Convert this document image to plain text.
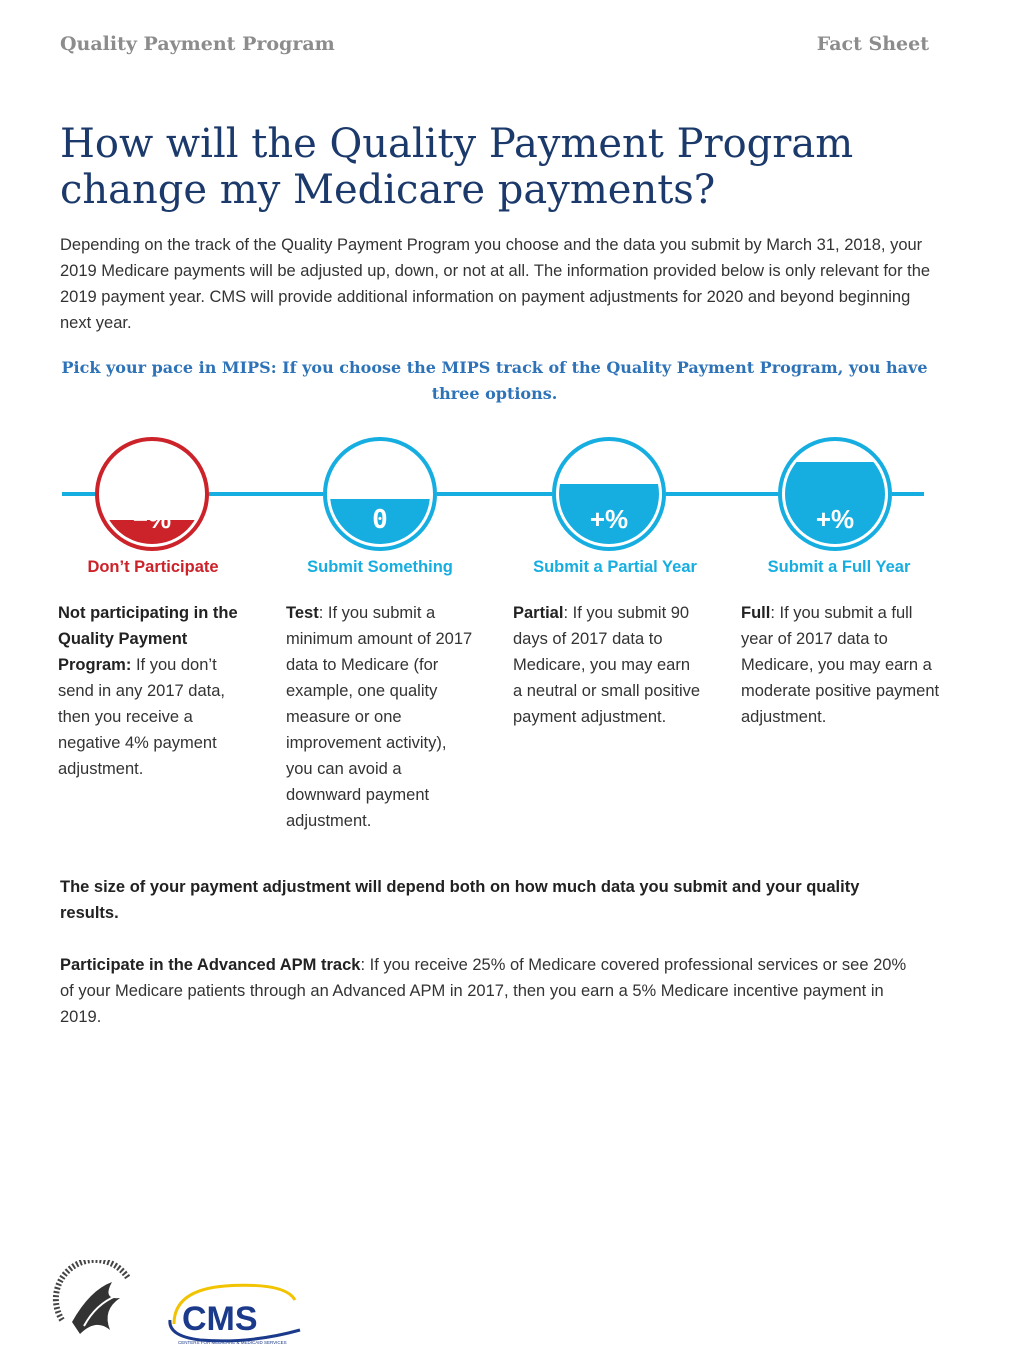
Quality Payment Program	Fact Sheet
How will the Quality Payment Program change my Medicare payments?

Depending on the track of the Quality Payment Program you choose and the data you submit by March 31, 2018, your 2019 Medicare payments will be adjusted up, down, or not at all. The information provided below is only relevant for the 2019 payment year. CMS will provide additional information on payment adjustments for 2020 and beyond beginning next year.

Pick your pace in MIPS: If you choose the MIPS track of the Quality Payment Program, you have three options.

−%	0	+%	+%
Don’t Participate	Submit Something	Submit a Partial Year	Submit a Full Year

Not participating in the Quality Payment Program: If you don’t send in any 2017 data, then you receive a negative 4% payment adjustment.

Test: If you submit a minimum amount of 2017 data to Medicare (for example, one quality measure or one improvement activity), you can avoid a downward payment adjustment.

Partial: If you submit 90 days of 2017 data to Medicare, you may earn a neutral or small positive payment adjustment.

Full: If you submit a full year of 2017 data to Medicare, you may earn a moderate positive payment adjustment.

The size of your payment adjustment will depend both on how much data you submit and your quality results.

Participate in the Advanced APM track: If you receive 25% of Medicare covered professional services or see 20% of your Medicare patients through an Advanced APM in 2017, then you earn a 5% Medicare incentive payment in 2019.

CMS
CENTERS FOR MEDICARE & MEDICAID SERVICES
